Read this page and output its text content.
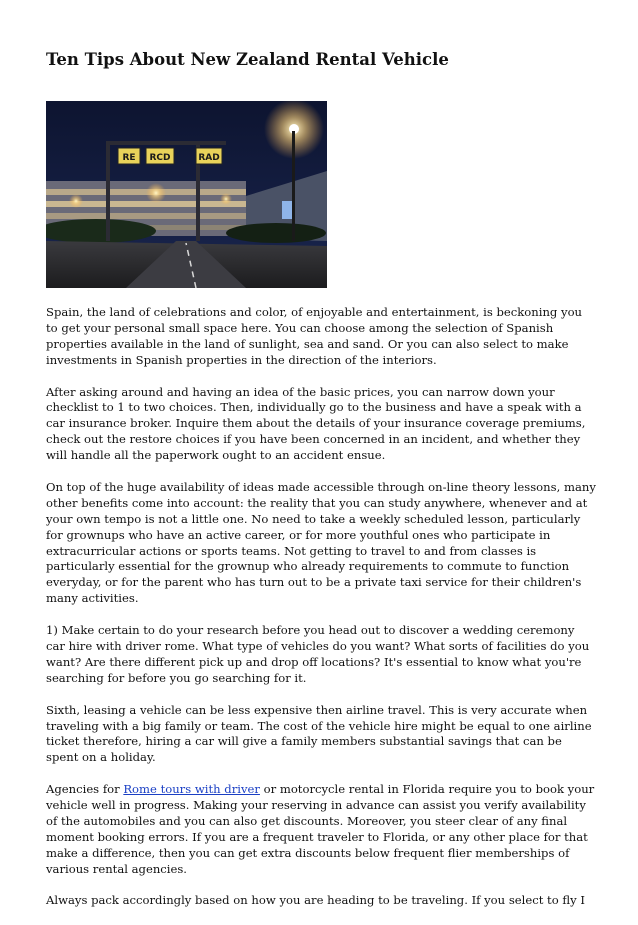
Ten Tips About New Zealand Rental Vehicle
RE RCD	RAD

Spain, the land of celebrations and color, of enjoyable and entertainment, is beckoning you to get your personal small space here. You can choose among the selection of Spanish properties available in the land of sunlight, sea and sand. Or you can also select to make investments in Spanish properties in the direction of the interiors.

After asking around and having an idea of the basic prices, you can narrow down your checklist to 1 to two choices. Then, individually go to the business and have a speak with a car insurance broker. Inquire them about the details of your insurance coverage premiums, check out the restore choices if you have been concerned in an incident, and whether they will handle all the paperwork ought to an accident ensue.

On top of the huge availability of ideas made accessible through on-line theory lessons, many other benefits come into account: the reality that you can study anywhere, whenever and at your own tempo is not a little one. No need to take a weekly scheduled lesson, particularly for grownups who have an active career, or for more youthful ones who participate in extracurricular actions or sports teams. Not getting to travel to and from classes is particularly essential for the grownup who already requirements to commute to function everyday, or for the parent who has turn out to be a private taxi service for their children's many activities.

1) Make certain to do your research before you head out to discover a wedding ceremony car hire with driver rome. What type of vehicles do you want? What sorts of facilities do you want? Are there different pick up and drop off locations? It's essential to know what you're searching for before you go searching for it.

Sixth, leasing a vehicle can be less expensive then airline travel. This is very accurate when traveling with a big family or team. The cost of the vehicle hire might be equal to one airline ticket therefore, hiring a car will give a family members substantial savings that can be spent on a holiday.

Agencies for Rome tours with driver or motorcycle rental in Florida require you to book your vehicle well in progress. Making your reserving in advance can assist you verify availability of the automobiles and you can also get discounts. Moreover, you steer clear of any final moment booking errors. If you are a frequent traveler to Florida, or any other place for that make a difference, then you can get extra discounts below frequent flier memberships of various rental agencies.

Always pack accordingly based on how you are heading to be traveling. If you select to fly I
